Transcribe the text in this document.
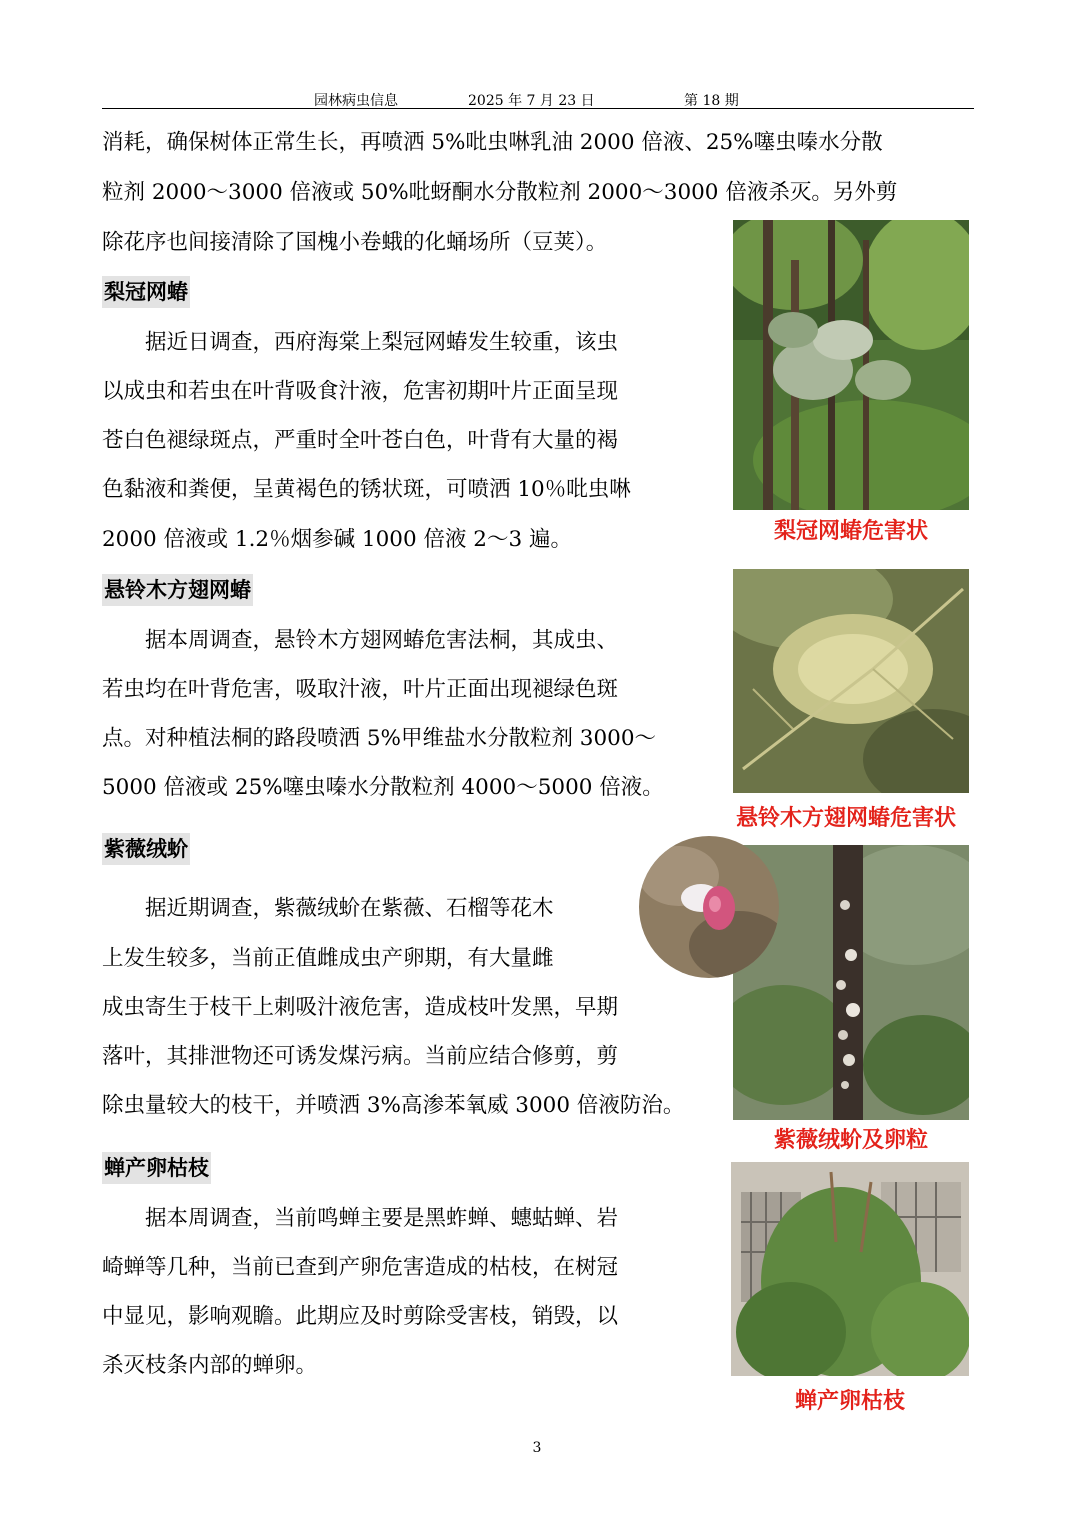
园林病虫信息	2025 年 7 月 23 日	第 18 期

消耗，确保树体正常生长，再喷洒 5%吡虫啉乳油 2000 倍液、25%噻虫嗪水分散

粒剂 2000～3000 倍液或 50%吡蚜酮水分散粒剂 2000～3000 倍液杀灭。另外剪

除花序也间接清除了国槐小卷蛾的化蛹场所（豆荚）。

梨冠网蝽

　　据近日调查，西府海棠上梨冠网蝽发生较重，该虫

以成虫和若虫在叶背吸食汁液，危害初期叶片正面呈现

苍白色褪绿斑点，严重时全叶苍白色，叶背有大量的褐

色黏液和粪便，呈黄褐色的锈状斑，可喷洒 10％吡虫啉

2000 倍液或 1.2％烟参碱 1000 倍液 2～3 遍。	梨冠网蝽危害状
悬铃木方翅网蝽

　　据本周调查，悬铃木方翅网蝽危害法桐，其成虫、

若虫均在叶背危害，吸取汁液，叶片正面出现褪绿色斑

点。对种植法桐的路段喷洒 5%甲维盐水分散粒剂 3000～

5000 倍液或 25%噻虫嗪水分散粒剂 4000～5000 倍液。

悬铃木方翅网蝽危害状
紫薇绒蚧

　　据近期调查，紫薇绒蚧在紫薇、石榴等花木

上发生较多，当前正值雌成虫产卵期，有大量雌

成虫寄生于枝干上刺吸汁液危害，造成枝叶发黑，早期

落叶，其排泄物还可诱发煤污病。当前应结合修剪，剪

除虫量较大的枝干，并喷洒 3%高渗苯氧威 3000 倍液防治。

紫薇绒蚧及卵粒
蝉产卵枯枝

　　据本周调查，当前鸣蝉主要是黑蚱蝉、蟪蛄蝉、岩

崎蝉等几种，当前已查到产卵危害造成的枯枝，在树冠

中显见，影响观瞻。此期应及时剪除受害枝，销毁，以

杀灭枝条内部的蝉卵。

蝉产卵枯枝
3
